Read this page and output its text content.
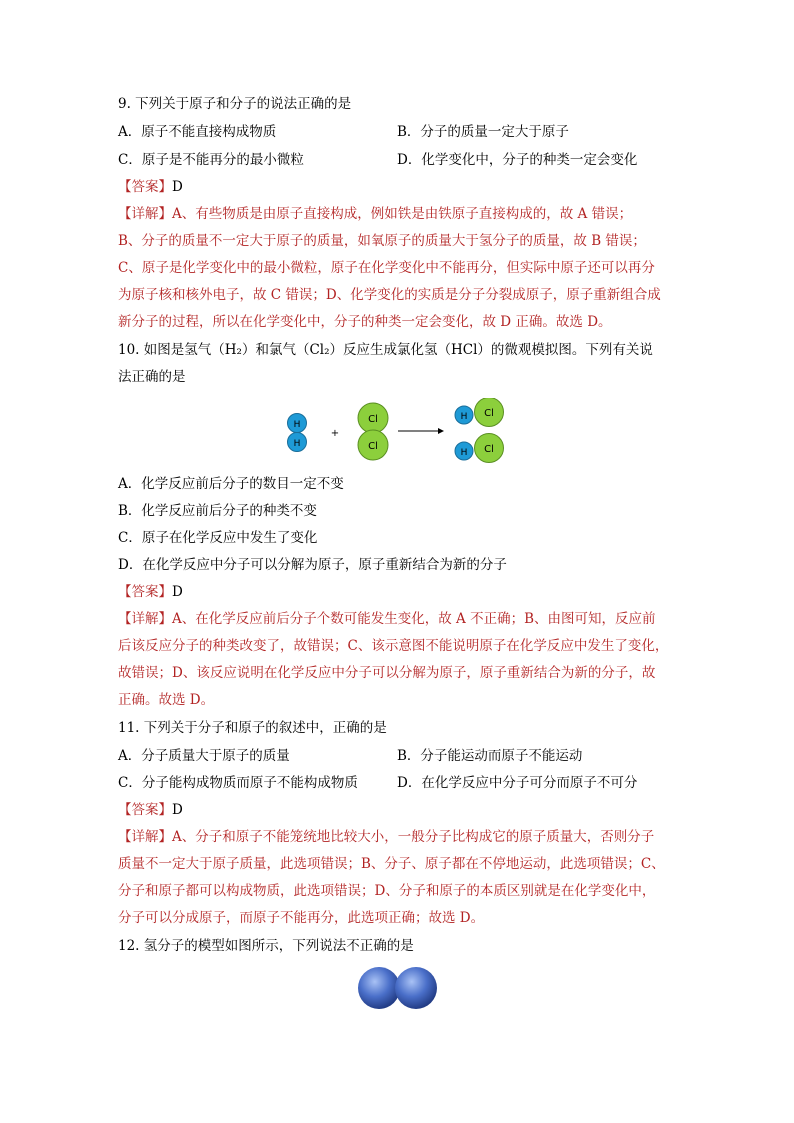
9. 下列关于原子和分子的说法正确的是
A．原子不能直接构成物质	B．分子的质量一定大于原子
C．原子是不能再分的最小微粒	D．化学变化中，分子的种类一定会变化
【答案】D
【详解】A、有些物质是由原子直接构成，例如铁是由铁原子直接构成的，故 A 错误；
B、分子的质量不一定大于原子的质量，如氧原子的质量大于氢分子的质量，故 B 错误；
C、原子是化学变化中的最小微粒，原子在化学变化中不能再分，但实际中原子还可以再分
为原子核和核外电子，故 C 错误；D、化学变化的实质是分子分裂成原子，原子重新组合成
新分子的过程，所以在化学变化中，分子的种类一定会变化，故 D 正确。故选 D。
10. 如图是氢气（H₂）和氯气（Cl₂）反应生成氯化氢（HCl）的微观模拟图。下列有关说
法正确的是
H
H
+
Cl
Cl
Cl
H
Cl
H
A．化学反应前后分子的数目一定不变
B．化学反应前后分子的种类不变
C．原子在化学反应中发生了变化
D．在化学反应中分子可以分解为原子，原子重新结合为新的分子
【答案】D
【详解】A、在化学反应前后分子个数可能发生变化，故 A 不正确；B、由图可知，反应前
后该反应分子的种类改变了，故错误；C、该示意图不能说明原子在化学反应中发生了变化，
故错误；D、该反应说明在化学反应中分子可以分解为原子，原子重新结合为新的分子，故
正确。故选 D。
11. 下列关于分子和原子的叙述中，正确的是
A．分子质量大于原子的质量	B．分子能运动而原子不能运动
C．分子能构成物质而原子不能构成物质	D．在化学反应中分子可分而原子不可分
【答案】D
【详解】A、分子和原子不能笼统地比较大小，一般分子比构成它的原子质量大，否则分子
质量不一定大于原子质量，此选项错误；B、分子、原子都在不停地运动，此选项错误；C、
分子和原子都可以构成物质，此选项错误；D、分子和原子的本质区别就是在化学变化中，
分子可以分成原子，而原子不能再分，此选项正确；故选 D。
12. 氢分子的模型如图所示，下列说法不正确的是
